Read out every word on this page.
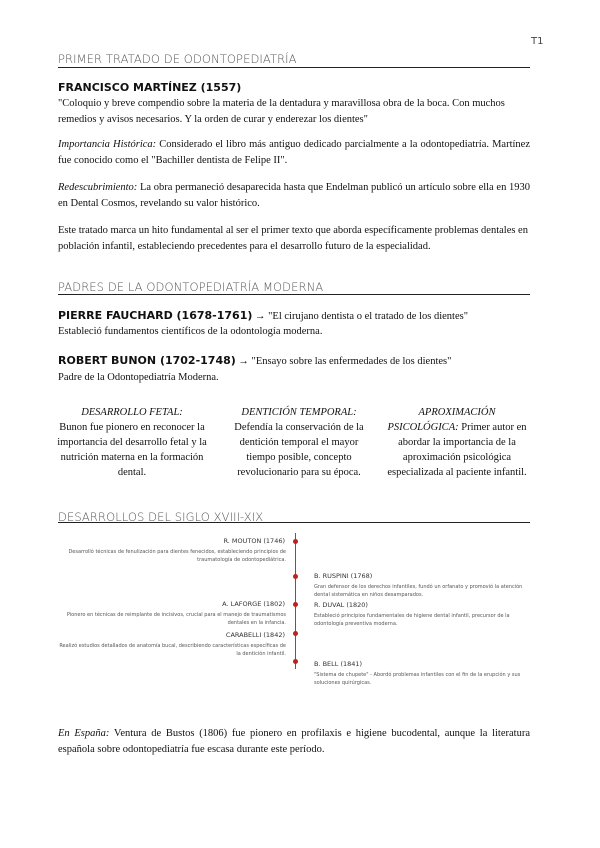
T1
PRIMER TRATADO DE ODONTOPEDIATRÍA
FRANCISCO MARTÍNEZ (1557)
"Coloquio y breve compendio sobre la materia de la dentadura y maravillosa obra de la boca. Con muchos
remedios y avisos necesarios. Y la orden de curar y enderezar los dientes"
Importancia Histórica: Considerado el libro más antiguo dedicado parcialmente a la odontopediatría. Martínez fue conocido como el "Bachiller dentista de Felipe II".
Redescubrimiento: La obra permaneció desaparecida hasta que Endelman publicó un artículo sobre ella en 1930 en Dental Cosmos, revelando su valor histórico.
Este tratado marca un hito fundamental al ser el primer texto que aborda específicamente problemas dentales en población infantil, estableciendo precedentes para el desarrollo futuro de la especialidad.
PADRES DE LA ODONTOPEDIATRÍA MODERNA
PIERRE FAUCHARD (1678-1761) → "El cirujano dentista o el tratado de los dientes"
Estableció fundamentos científicos de la odontología moderna.
ROBERT BUNON (1702-1748) → "Ensayo sobre las enfermedades de los dientes"
Padre de la Odontopediatría Moderna.
DESARROLLO FETAL:
Bunon fue pionero en reconocer la importancia del desarrollo fetal y la nutrición materna en la formación dental.
DENTICIÓN TEMPORAL:
Defendía la conservación de la dentición temporal el mayor tiempo posible, concepto revolucionario para su época.
APROXIMACIÓN PSICOLÓGICA: Primer autor en abordar la importancia de la aproximación psicológica especializada al paciente infantil.
DESARROLLOS DEL SIGLO XVIII-XIX
R. MOUTON (1746)
Desarrolló técnicas de fenulización para dientes fenecidos, estableciendo principios de traumatología de odontopediátrica.
A. LAFORGE (1802)
Pionero en técnicas de reimplante de incisivos, crucial para el manejo de traumatismos dentales en la infancia.
CARABELLI (1842)
Realizó estudios detallados de anatomía bucal, describiendo características específicas de la dentición infantil.
B. RUSPINI (1768)
Gran defensor de los derechos infantiles, fundó un orfanato y promovió la atención dental sistemática en niños desamparados.
R. DUVAL (1820)
Estableció principios fundamentales de higiene dental infantil, precursor de la odontología preventiva moderna.
B. BELL (1841)
"Sistema de chupete" - Abordó problemas infantiles con el fin de la erupción y sus soluciones quirúrgicas.
En España: Ventura de Bustos (1806) fue pionero en profilaxis e higiene bucodental, aunque la literatura española sobre odontopediatría fue escasa durante este período.
